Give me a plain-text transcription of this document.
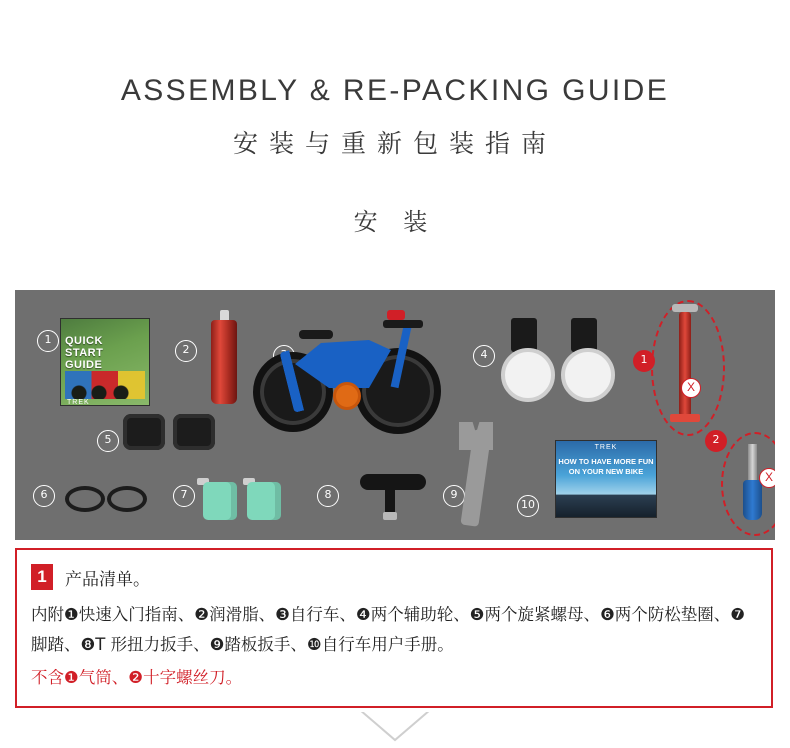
ASSEMBLY & RE-PACKING GUIDE
安装与重新包装指南
安 装
1	QUICK
START
GUIDE
TREK
2	4
5
6	7	8	9
10
TREK
HOW TO HAVE MORE FUN
ON YOUR NEW BIKE
1
X
2
X
1	产品清单。
内附❶快速入门指南、❷润滑脂、❸自行车、❹两个辅助轮、❺两个旋紧螺母、❻两个防松垫圈、❼脚踏、❽T 形扭力扳手、❾踏板扳手、❿自行车用户手册。
不含❶气筒、❷十字螺丝刀。
